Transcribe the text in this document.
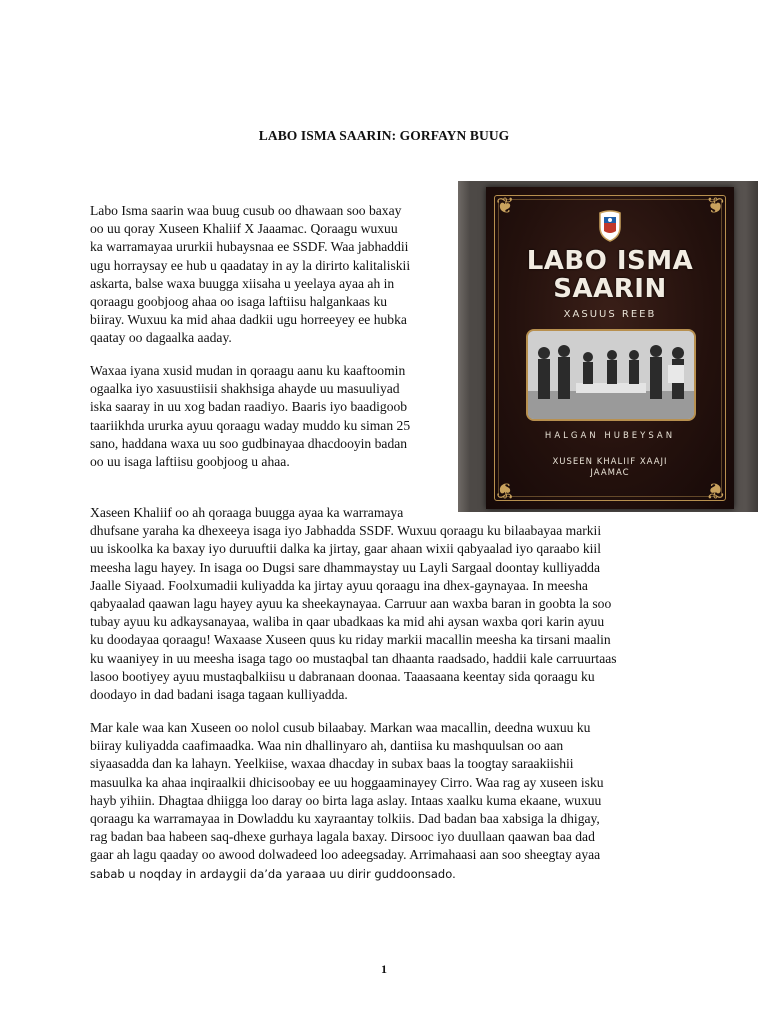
LABO ISMA SAARIN: GORFAYN BUUG

Labo Isma saarin waa buug cusub oo dhawaan soo baxay
oo uu qoray Xuseen Khaliif X Jaaamac. Qoraagu wuxuu
ka warramayaa ururkii hubaysnaa ee SSDF. Waa jabhaddii
ugu horraysay ee hub u qaadatay in ay la dirirto kalitaliskii
askarta, balse waxa buugga xiisaha u yeelaya ayaa ah in
qoraagu goobjoog ahaa oo isaga laftiisu halgankaas ku
biiray. Wuxuu ka mid ahaa dadkii ugu horreeyey ee hubka
qaatay oo dagaalka aaday.

Waxaa iyana xusid mudan in qoraagu aanu ku kaaftoomin
ogaalka iyo xasuustiisii shakhsiga ahayde uu masuuliyad
iska saaray in uu xog badan raadiyo. Baaris iyo baadigoob
taariikhda ururka ayuu qoraagu waday muddo ku siman 25
sano, haddana waxa uu soo gudbinayaa dhacdooyin badan
oo uu isaga laftiisu goobjoog u ahaa.

Xaseen Khaliif oo ah qoraaga buugga ayaa ka warramaya
dhufsane yaraha ka dhexeeya isaga iyo Jabhadda SSDF. Wuxuu qoraagu ku bilaabayaa markii
uu iskoolka ka baxay iyo duruuftii dalka ka jirtay, gaar ahaan wixii qabyaalad iyo qaraabo kiil
meesha lagu hayey. In isaga oo Dugsi sare dhammaystay uu Layli Sargaal doontay kulliyadda
Jaalle Siyaad. Foolxumadii kuliyadda ka jirtay ayuu qoraagu ina dhex-gaynayaa. In meesha
qabyaalad qaawan lagu hayey ayuu ka sheekaynayaa. Carruur aan waxba baran in goobta la soo
tubay ayuu ku adkaysanayaa, waliba in qaar ubadkaas ka mid ahi aysan waxba qori karin ayuu
ku doodayaa qoraagu! Waxaase Xuseen quus ku riday markii macallin meesha ka tirsani maalin
ku waaniyey in uu meesha isaga tago oo mustaqbal tan dhaanta raadsado, haddii kale carruurtaas
lasoo bootiyey ayuu mustaqbalkiisu u dabranaan doonaa. Taaasaana keentay sida qoraagu ku
doodayo in dad badani isaga tagaan kulliyadda.

Mar kale waa kan Xuseen oo nolol cusub bilaabay. Markan waa macallin, deedna wuxuu ku
biiray kuliyadda caafimaadka. Waa nin dhallinyaro ah, dantiisa ku mashquulsan oo aan
siyaasadda dan ka lahayn. Yeelkiise, waxaa dhacday in subax baas la toogtay saraakiishii
masuulka ka ahaa inqiraalkii dhicisoobay ee uu hoggaaminayey Cirro. Waa rag ay xuseen isku
hayb yihiin. Dhagtaa dhiigga loo daray oo birta laga aslay. Intaas xaalku kuma ekaane, wuxuu
qoraagu ka warramayaa in Dowladdu ku xayraantay tolkiis. Dad badan baa xabsiga la dhigay,
rag badan baa habeen saq-dhexe gurhaya lagala baxay. Dirsooc iyo duullaan qaawan baa dad
gaar ah lagu qaaday oo awood dolwadeed loo adeegsaday. Arrimahaasi aan soo sheegtay ayaa
sabab u noqday in ardaygii da’da yaraaa uu dirir guddoonsado.

❦	❦
❦	❦
LABO ISMA
SAARIN
XASUUS REEB
HALGAN HUBEYSAN
XUSEEN KHALIIF XAAJI
JAAMAC
1
